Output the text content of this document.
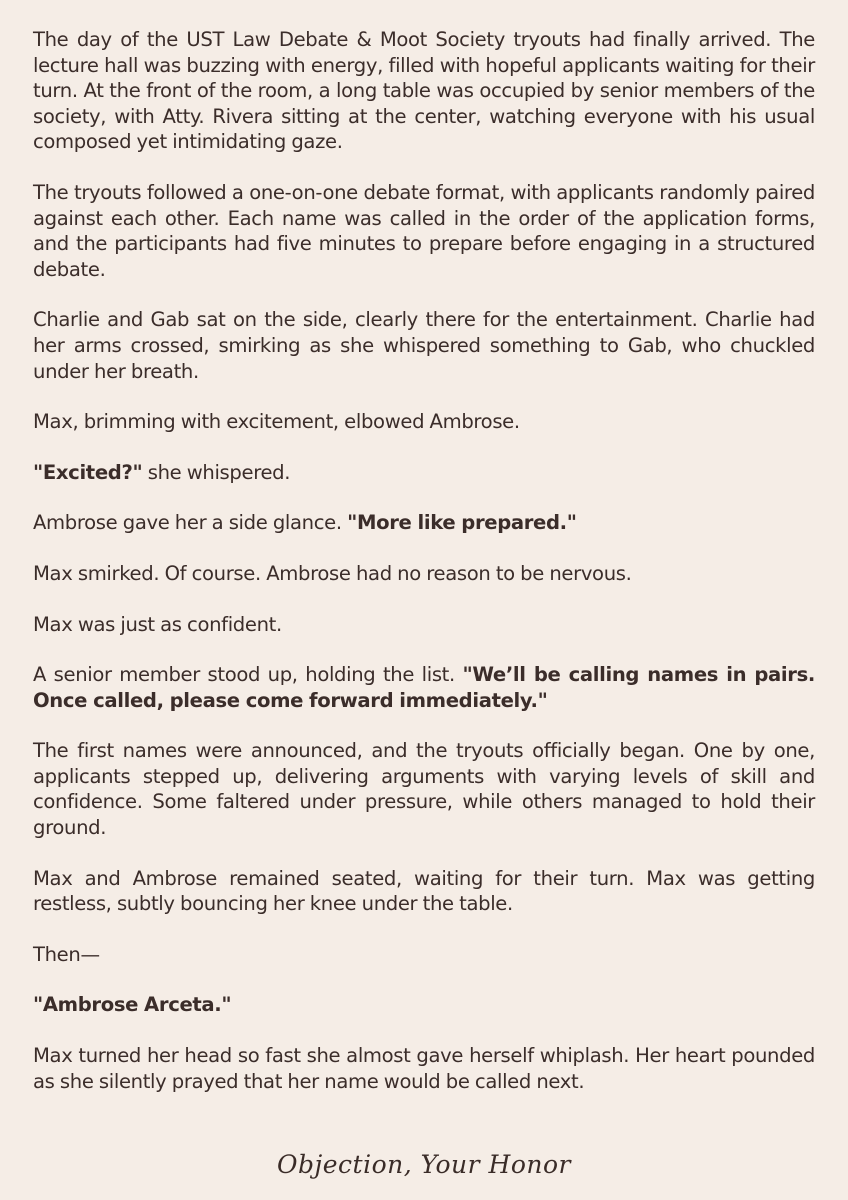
The day of the UST Law Debate & Moot Society tryouts had finally arrived. The lecture hall was buzzing with energy, filled with hopeful applicants waiting for their turn. At the front of the room, a long table was occupied by senior members of the society, with Atty. Rivera sitting at the center, watching everyone with his usual composed yet intimidating gaze.

The tryouts followed a one-on-one debate format, with applicants randomly paired against each other. Each name was called in the order of the application forms, and the participants had five minutes to prepare before engaging in a structured debate.

Charlie and Gab sat on the side, clearly there for the entertainment. Charlie had her arms crossed, smirking as she whispered something to Gab, who chuckled under her breath.

Max, brimming with excitement, elbowed Ambrose.

"Excited?" she whispered.

Ambrose gave her a side glance. "More like prepared."

Max smirked. Of course. Ambrose had no reason to be nervous.

Max was just as confident.

A senior member stood up, holding the list. "We’ll be calling names in pairs. Once called, please come forward immediately."

The first names were announced, and the tryouts officially began. One by one, applicants stepped up, delivering arguments with varying levels of skill and confidence. Some faltered under pressure, while others managed to hold their ground.

Max and Ambrose remained seated, waiting for their turn. Max was getting restless, subtly bouncing her knee under the table.

Then—

"Ambrose Arceta."

Max turned her head so fast she almost gave herself whiplash. Her heart pounded as she silently prayed that her name would be called next.

Objection, Your Honor
